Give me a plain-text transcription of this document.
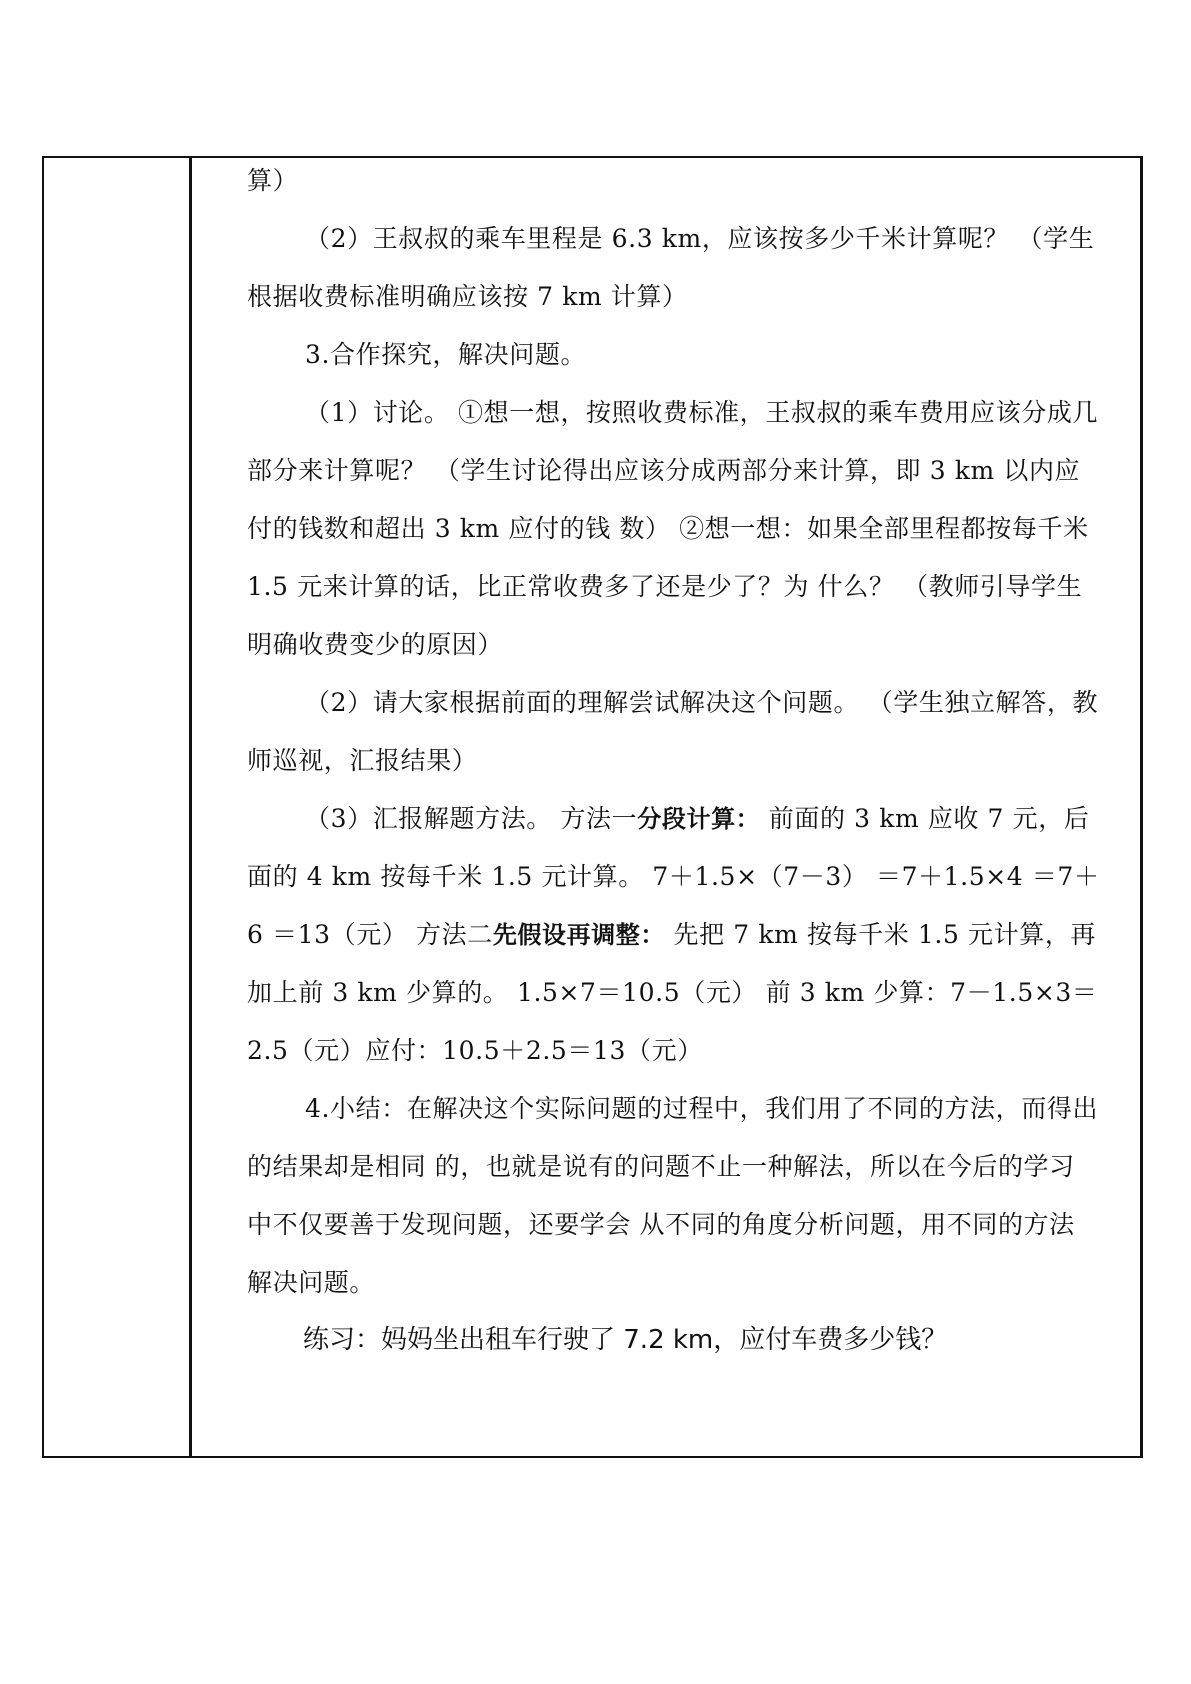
算）
（2）王叔叔的乘车里程是 6.3 km，应该按多少千米计算呢？ （学生
根据收费标准明确应该按 7 km 计算）
3.合作探究，解决问题。
（1）讨论。 ①想一想，按照收费标准，王叔叔的乘车费用应该分成几
部分来计算呢？ （学生讨论得出应该分成两部分来计算，即 3 km 以内应
付的钱数和超出 3 km 应付的钱 数） ②想一想：如果全部里程都按每千米
1.5 元来计算的话，比正常收费多了还是少了？为 什么？ （教师引导学生
明确收费变少的原因）
（2）请大家根据前面的理解尝试解决这个问题。 （学生独立解答，教
师巡视，汇报结果）
（3）汇报解题方法。 方法一分段计算： 前面的 3 km 应收 7 元，后
面的 4 km 按每千米 1.5 元计算。 7＋1.5×（7－3） ＝7＋1.5×4 ＝7＋
6 ＝13（元） 方法二先假设再调整： 先把 7 km 按每千米 1.5 元计算，再
加上前 3 km 少算的。 1.5×7＝10.5（元） 前 3 km 少算：7－1.5×3＝
2.5（元）应付：10.5＋2.5＝13（元）
4.小结：在解决这个实际问题的过程中，我们用了不同的方法，而得出
的结果却是相同 的，也就是说有的问题不止一种解法，所以在今后的学习
中不仅要善于发现问题，还要学会 从不同的角度分析问题，用不同的方法
解决问题。
练习：妈妈坐出租车行驶了 7.2 km，应付车费多少钱？
